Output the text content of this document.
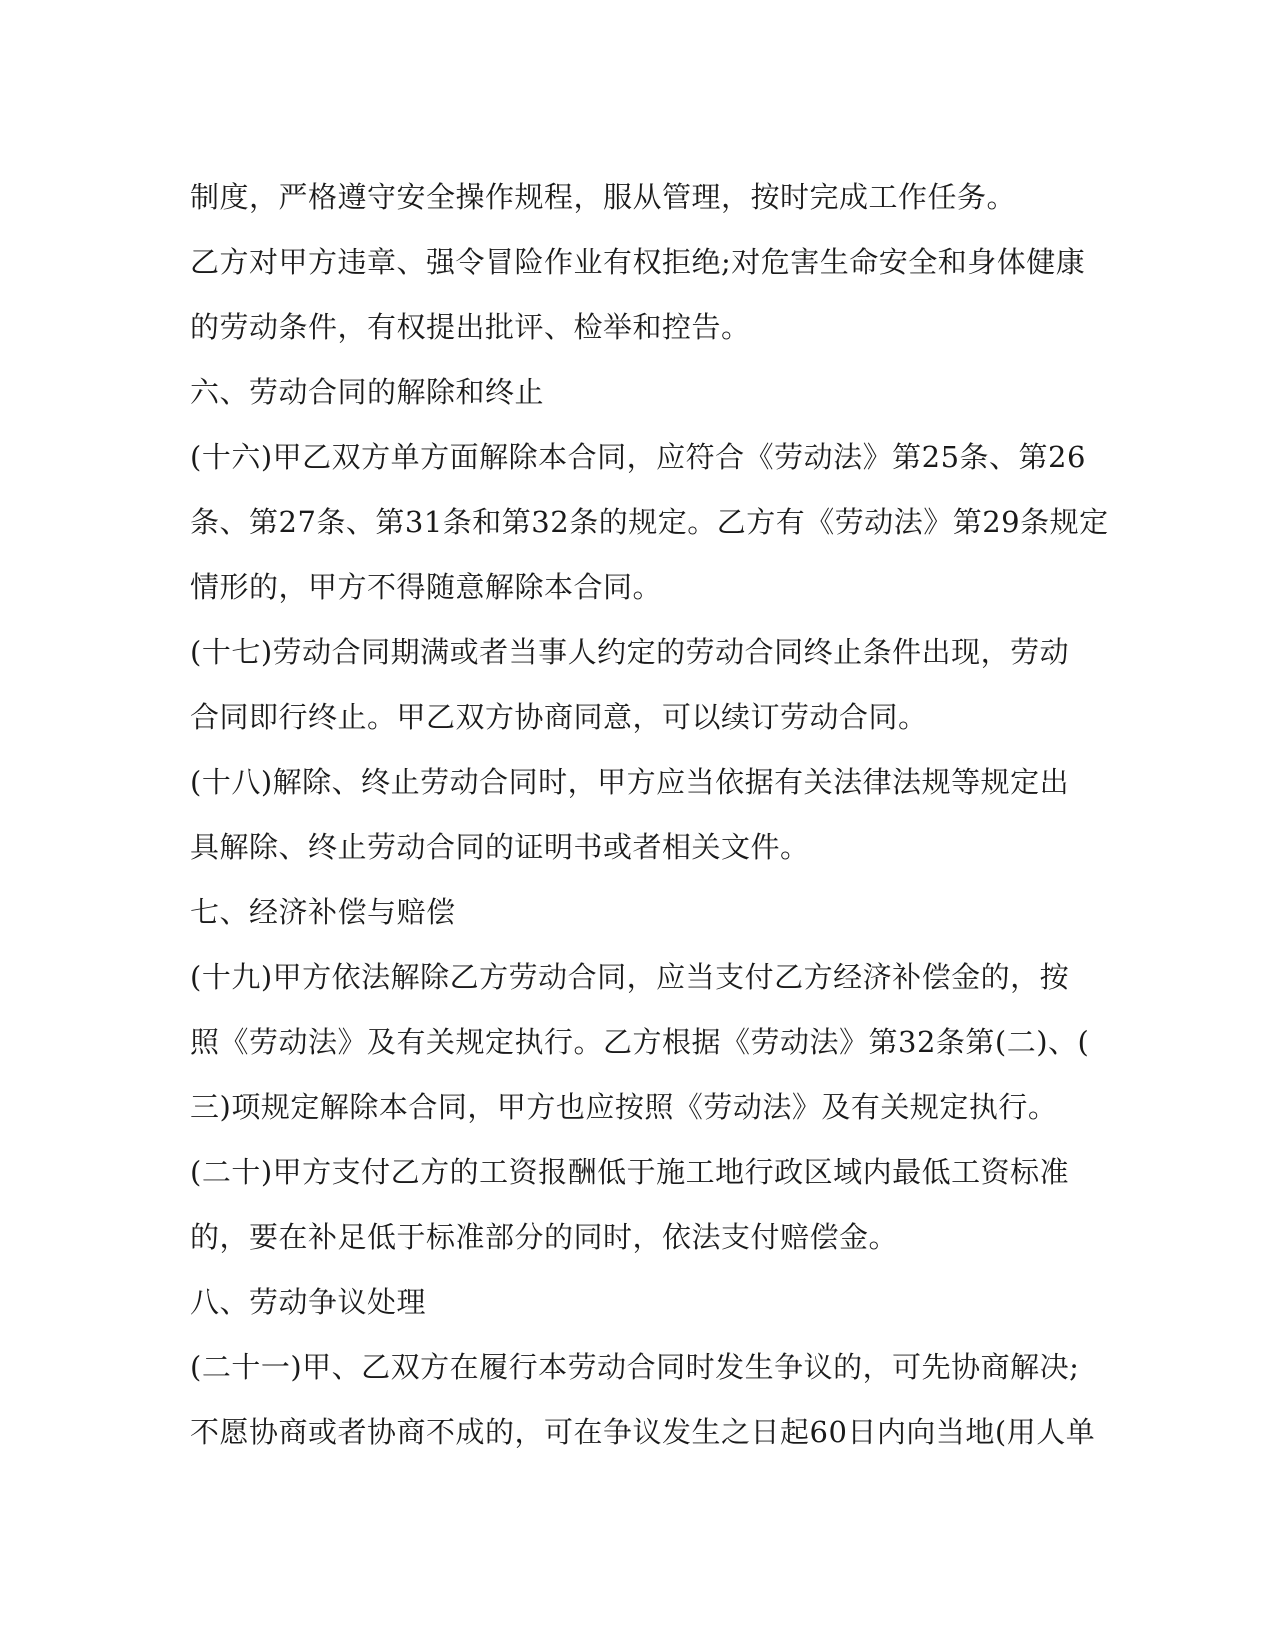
制度，严格遵守安全操作规程，服从管理，按时完成工作任务。
乙方对甲方违章、强令冒险作业有权拒绝;对危害生命安全和身体健康
的劳动条件，有权提出批评、检举和控告。
六、劳动合同的解除和终止
(十六)甲乙双方单方面解除本合同，应符合《劳动法》第25条、第26
条、第27条、第31条和第32条的规定。乙方有《劳动法》第29条规定
情形的，甲方不得随意解除本合同。
(十七)劳动合同期满或者当事人约定的劳动合同终止条件出现，劳动
合同即行终止。甲乙双方协商同意，可以续订劳动合同。
(十八)解除、终止劳动合同时，甲方应当依据有关法律法规等规定出
具解除、终止劳动合同的证明书或者相关文件。
七、经济补偿与赔偿
(十九)甲方依法解除乙方劳动合同，应当支付乙方经济补偿金的，按
照《劳动法》及有关规定执行。乙方根据《劳动法》第32条第(二)、(
三)项规定解除本合同，甲方也应按照《劳动法》及有关规定执行。
(二十)甲方支付乙方的工资报酬低于施工地行政区域内最低工资标准
的，要在补足低于标准部分的同时，依法支付赔偿金。
八、劳动争议处理
(二十一)甲、乙双方在履行本劳动合同时发生争议的，可先协商解决;
不愿协商或者协商不成的，可在争议发生之日起60日内向当地(用人单
